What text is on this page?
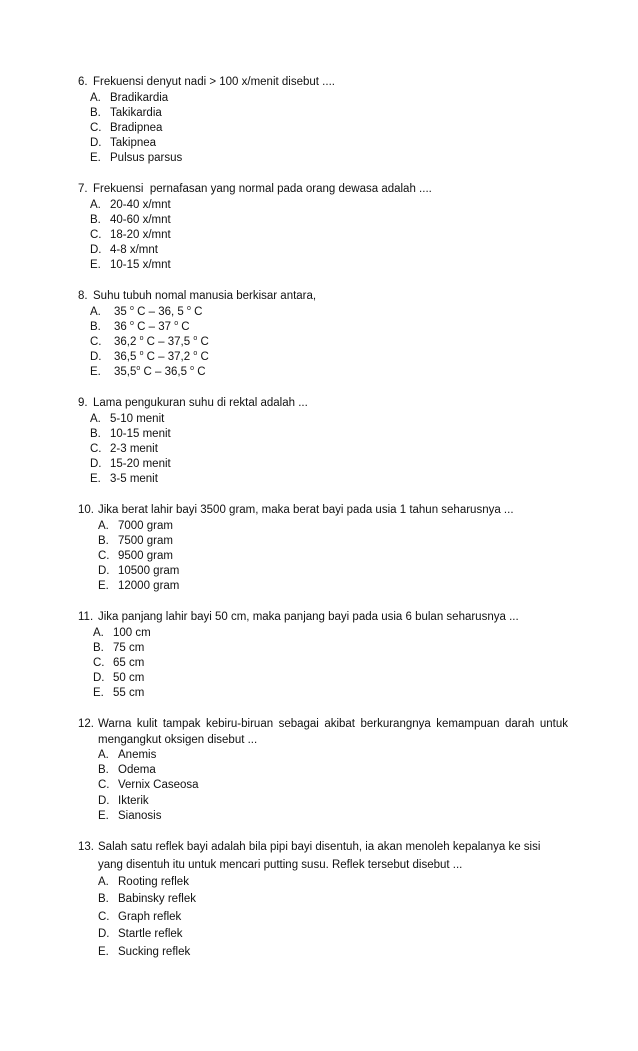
6. Frekuensi denyut nadi > 100 x/menit disebut ....
A. Bradikardia
B. Takikardia
C. Bradipnea
D. Takipnea
E. Pulsus parsus
7. Frekuensi  pernafasan yang normal pada orang dewasa adalah ....
A. 20-40 x/mnt
B. 40-60 x/mnt
C. 18-20 x/mnt
D. 4-8 x/mnt
E. 10-15 x/mnt
8. Suhu tubuh nomal manusia berkisar antara,
A.	35 $^o$ C – 36, 5 $^o$ C
B.	36 $^o$ C – 37 $^o$ C
C.	36,2 $^o$ C – 37,5 $^o$ C
D.	36,5 $^o$ C – 37,2 $^o$ C
E.	35,5$^o$ C – 36,5 $^o$ C
9. Lama pengukuran suhu di rektal adalah ...
A. 5-10 menit
B. 10-15 menit
C. 2-3 menit
D. 15-20 menit
E. 3-5 menit
10. Jika berat lahir bayi 3500 gram, maka berat bayi pada usia 1 tahun seharusnya ...
A. 7000 gram
B. 7500 gram
C. 9500 gram
D. 10500 gram
E. 12000 gram
11. Jika panjang lahir bayi 50 cm, maka panjang bayi pada usia 6 bulan seharusnya ...
A. 100 cm
B. 75 cm
C. 65 cm
D. 50 cm
E. 55 cm
12. Warna kulit tampak kebiru-biruan sebagai akibat berkurangnya kemampuan darah untuk mengangkut oksigen disebut ...
A. Anemis
B. Odema
C. Vernix Caseosa
D. Ikterik
E. Sianosis
13. Salah satu reflek bayi adalah bila pipi bayi disentuh, ia akan menoleh kepalanya ke sisi yang disentuh itu untuk mencari putting susu. Reflek tersebut disebut ...
A. Rooting reflek
B. Babinsky reflek
C. Graph reflek
D. Startle reflek
E. Sucking reflek
